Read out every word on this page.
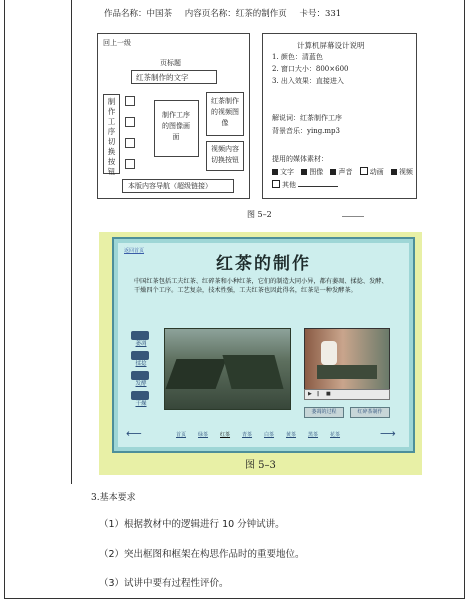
作品名称：中国茶 内容页名称：红茶的制作页 卡号：331
回上一级
页标题
红茶制作的文字
制作工序切换按钮
制作工序的图像画面
红茶制作的视频图像
视频内容切换按钮
本版内容导航（超级链接）
计算机屏幕设计说明
1. 颜色：清蓝色
2. 窗口大小：800×600
3. 出入效果：直接进入
解说词：红茶制作工序
背景音乐：ying.mp3
提用的媒体素材：
文字 图像 声音 动画 视频
其他
图 5–2
返回首页
红茶的制作
中国红茶包括工夫红茶、红碎茶和小种红茶，它们的制造大同小异，都有萎凋、揉捻、发酵、干燥四个工序。工艺复杂，技术性强，工夫红茶也因此得名，红茶是一种发酵茶。
萎凋
揉捻
发酵
干燥
▶ ‖ ■
萎凋的过程	红碎茶制作
⟵	首页 绿茶 红茶 青茶 白茶 黄茶 黑茶 花茶	⟶
图 5–3
3.基本要求
（1）根据教材中的逻辑进行 10 分钟试讲。
（2）突出框图和框架在构思作品时的重要地位。
（3）试讲中要有过程性评价。
